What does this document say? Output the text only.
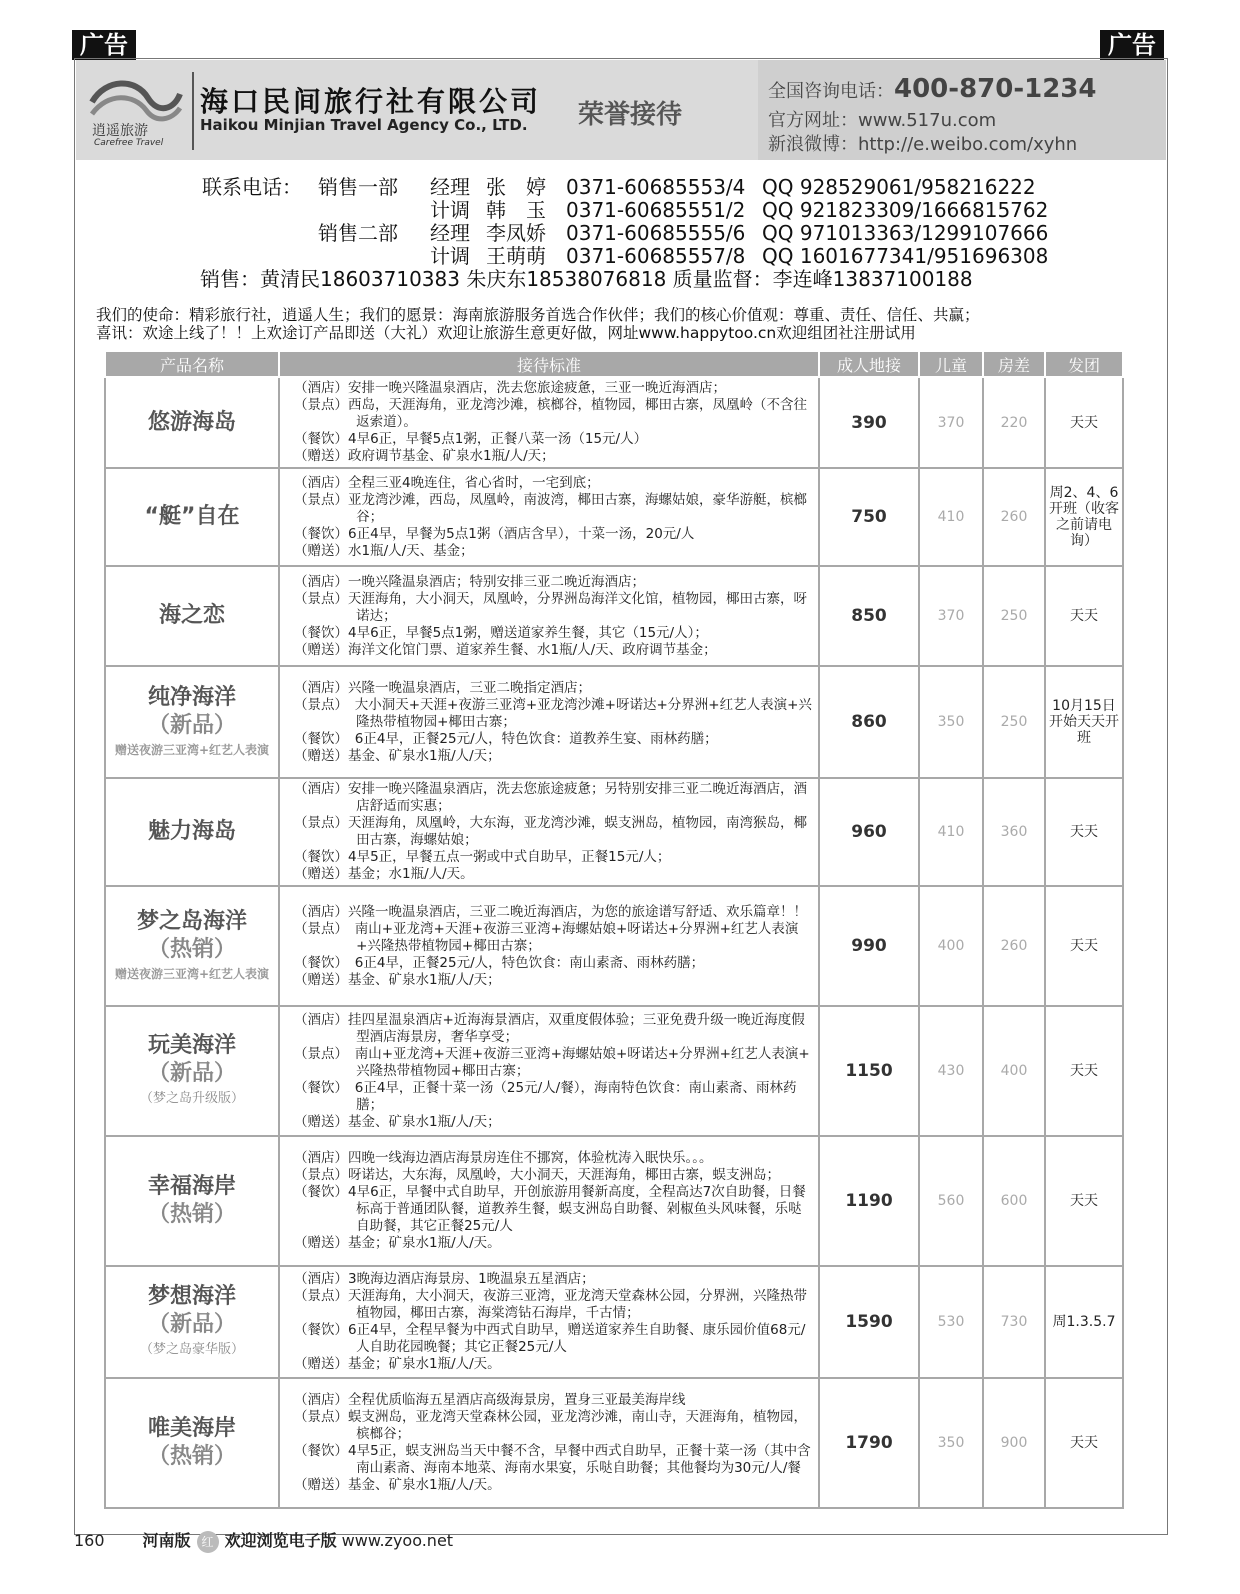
广告	广告
逍遥旅游
Carefree Travel
海口民间旅行社有限公司
Haikou Minjian Travel Agency Co., LTD. 荣誉接待
全国咨询电话：400-870-1234
官方网址：www.517u.com
新浪微博：http://e.weibo.com/xyhn
联系电话： 销售一部 经理 张　婷 0371-60685553/4 QQ 928529061/958216222
计调 韩　玉 0371-60685551/2 QQ 921823309/1666815762
销售二部 经理 李凤娇 0371-60685555/6 QQ 971013363/1299107666
计调 王萌萌 0371-60685557/8 QQ 1601677341/951696308
销售：黄清民18603710383 朱庆东18538076818 质量监督：李连峰13837100188
我们的使命：精彩旅行社，逍遥人生；我们的愿景：海南旅游服务首选合作伙伴；我们的核心价值观：尊重、责任、信任、共赢；
喜讯：欢途上线了！！上欢途订产品即送（大礼）欢迎让旅游生意更好做，网址www.happytoo.cn欢迎组团社注册试用
产品名称	接待标准	成人地接	儿童	房差	发团
悠游海岛	（酒店）安排一晚兴隆温泉酒店，洗去您旅途疲惫，三亚一晚近海酒店；
（景点）西岛，天涯海角，亚龙湾沙滩，槟榔谷，植物园，椰田古寨，凤凰岭（不含往返索道）。
（餐饮）4早6正，早餐5点1粥，正餐八菜一汤（15元/人）
（赠送）政府调节基金、矿泉水1瓶/人/天；	390	370	220	天天
“艇”自在	（酒店）全程三亚4晚连住，省心省时，一宅到底；
（景点）亚龙湾沙滩，西岛，凤凰岭，南波湾，椰田古寨，海螺姑娘，豪华游艇，槟榔谷；
（餐饮）6正4早，早餐为5点1粥（酒店含早），十菜一汤，20元/人
（赠送）水1瓶/人/天、基金；	750	410	260	周2、4、6开班（收客之前请电询）
海之恋	（酒店）一晚兴隆温泉酒店；特别安排三亚二晚近海酒店；
（景点）天涯海角，大小洞天，凤凰岭，分界洲岛海洋文化馆，植物园，椰田古寨，呀诺达；
（餐饮）4早6正，早餐5点1粥，赠送道家养生餐，其它（15元/人）；
（赠送）海洋文化馆门票、道家养生餐、水1瓶/人/天、政府调节基金；	850	370	250	天天
纯净海洋
（新品）
赠送夜游三亚湾+红艺人表演	（酒店）兴隆一晚温泉酒店，三亚二晚指定酒店；
（景点）　大小洞天+天涯+夜游三亚湾+亚龙湾沙滩+呀诺达+分界洲+红艺人表演+兴隆热带植物园+椰田古寨；
（餐饮）　6正4早，正餐25元/人，特色饮食：道教养生宴、雨林药膳；
（赠送）基金、矿泉水1瓶/人/天；	860	350	250	10月15日开始天天开班
魅力海岛	（酒店）安排一晚兴隆温泉酒店，洗去您旅途疲惫；另特别安排三亚二晚近海酒店，酒店舒适而实惠；
（景点）天涯海角，凤凰岭，大东海，亚龙湾沙滩，蜈支洲岛，植物园，南湾猴岛，椰田古寨，海螺姑娘；
（餐饮）4早5正，早餐五点一粥或中式自助早，正餐15元/人；
（赠送）基金；水1瓶/人/天。	960	410	360	天天
梦之岛海洋
（热销）
赠送夜游三亚湾+红艺人表演	（酒店）兴隆一晚温泉酒店，三亚二晚近海酒店，为您的旅途谱写舒适、欢乐篇章！！
（景点）　南山+亚龙湾+天涯+夜游三亚湾+海螺姑娘+呀诺达+分界洲+红艺人表演+兴隆热带植物园+椰田古寨；
（餐饮）　6正4早，正餐25元/人，特色饮食：南山素斋、雨林药膳；
（赠送）基金、矿泉水1瓶/人/天；	990	400	260	天天
玩美海洋
（新品）
（梦之岛升级版）	（酒店）挂四星温泉酒店+近海海景酒店，双重度假体验；三亚免费升级一晚近海度假型酒店海景房，奢华享受；
（景点）　南山+亚龙湾+天涯+夜游三亚湾+海螺姑娘+呀诺达+分界洲+红艺人表演+ 兴隆热带植物园+椰田古寨；
（餐饮）　6正4早，正餐十菜一汤（25元/人/餐），海南特色饮食：南山素斋、雨林药膳；
（赠送）基金、矿泉水1瓶/人/天；	1150	430	400	天天
幸福海岸
（热销）	（酒店）四晚一线海边酒店海景房连住不挪窝，体验枕涛入眠快乐。。。
（景点）呀诺达，大东海，凤凰岭，大小洞天，天涯海角，椰田古寨，蜈支洲岛；
（餐饮）4早6正，早餐中式自助早，开创旅游用餐新高度，全程高达7次自助餐，日餐标高于普通团队餐，道教养生餐，蜈支洲岛自助餐、剁椒鱼头风味餐，乐哒自助餐，其它正餐25元/人
（赠送）基金；矿泉水1瓶/人/天。	1190	560	600	天天
梦想海洋
（新品）
（梦之岛豪华版）	（酒店）3晚海边酒店海景房、1晚温泉五星酒店；
（景点）天涯海角，大小洞天，夜游三亚湾，亚龙湾天堂森林公园，分界洲，兴隆热带植物园，椰田古寨，海棠湾钻石海岸，千古情；
（餐饮）6正4早，全程早餐为中西式自助早，赠送道家养生自助餐、康乐园价值68元/人自助花园晚餐；其它正餐25元/人
（赠送）基金；矿泉水1瓶/人/天。	1590	530	730	周1.3.5.7
唯美海岸
（热销）	（酒店）全程优质临海五星酒店高级海景房，置身三亚最美海岸线
（景点）蜈支洲岛，亚龙湾天堂森林公园，亚龙湾沙滩，南山寺，天涯海角，植物园，槟榔谷；
（餐饮）4早5正，蜈支洲岛当天中餐不含，早餐中西式自助早，正餐十菜一汤（其中含南山素斋、海南本地菜、海南水果宴，乐哒自助餐；其他餐均为30元/人/餐
（赠送）基金、矿泉水1瓶/人/天。	1790	350	900	天天
160 河南版 红 欢迎浏览电子版 www.zyoo.net
